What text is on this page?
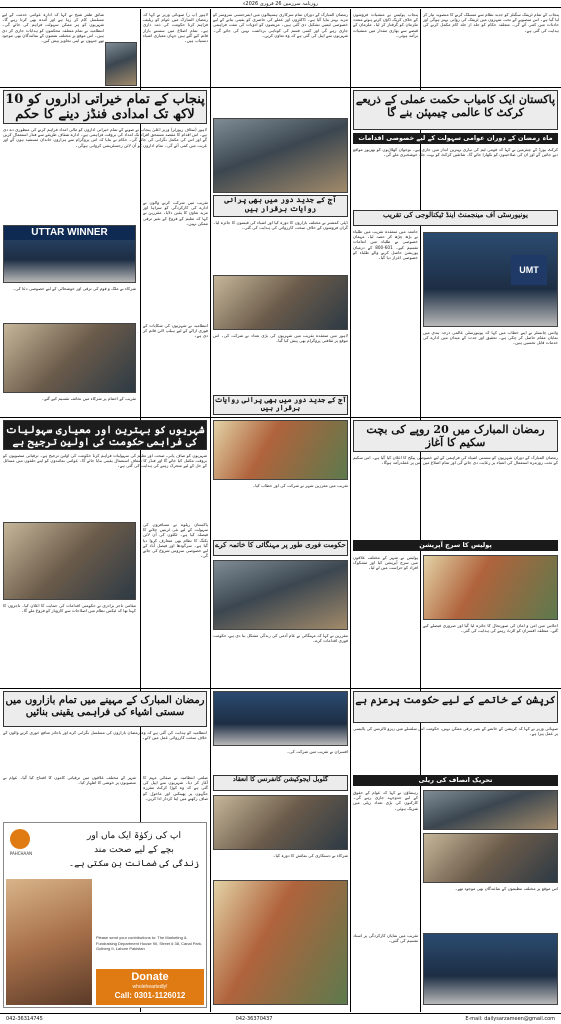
روزنامہ سرزمین 26 فروری 2026ء
شائق ظفر شیخ نے کہا کہ ادارہ عوامی خدمت کے لیے مسلسل کام کر رہا ہے اور آئندہ بھی کرتا رہے گا۔ شہریوں کو ہر ممکن سہولت فراہم کی جائے گی۔ انتظامیہ نے تمام متعلقہ محکموں کو ہدایات جاری کر دی ہیں۔ اس موقع پر مختلف شعبوں کے نمائندگان بھی موجود تھے جنہوں نے اپنی تجاویز پیش کیں۔
لاہور (پ ر) صوبائی وزیر نے کہا کہ رمضان المبارک میں عوام کو ریلیف فراہم کرنا حکومت کی ذمہ داری ہے۔ تمام اضلاع میں سستے بازار قائم کیے گئے ہیں جہاں معیاری اشیاء دستیاب ہیں۔
رمضان المبارک کے دوران تمام سرکاری ہسپتالوں میں ایمرجنسی سروسز کو مزید بہتر بنایا گیا ہے۔ ڈاکٹروں اور عملے کی حاضری کو یقینی بنانے کے لیے خصوصی ٹیمیں تشکیل دی گئی ہیں۔ مریضوں کو ادویات کی مفت فراہمی جاری رہے گی اور کسی قسم کی کوتاہی برداشت نہیں کی جائے گی۔ شہریوں سے اپیل کی گئی ہے کہ وہ تعاون کریں۔
پنجاب پولیس نے منشیات فروشوں کے خلاف کریک ڈاؤن کرتے ہوئے متعدد ملزمان کو گرفتار کر لیا۔ ملزمان کے قبضے سے بھاری مقدار میں منشیات برآمد ہوئی۔
پنجاب کے تمام ٹریفک سگنلز کو جدید نظام سے منسلک کرنے کا منصوبہ تیار کر لیا گیا ہے۔ اس منصوبے کے تحت شہروں میں ٹریفک کی روانی بہتر ہوگی اور حادثات میں کمی آئے گی۔ متعلقہ حکام کو جلد از جلد کام مکمل کرنے کی ہدایت کی گئی ہے۔
پنجاب کے تمام خیراتی اداروں کو 10 لاکھ تک امدادی فنڈز دینے کا حکم
لاہور (سٹاف رپورٹر) وزیر اعلیٰ پنجاب نے صوبے کے تمام خیراتی اداروں کو مالی امداد فراہم کرنے کی منظوری دے دی ہے۔ اس اقدام کا مقصد مستحق افراد تک امداد کی بروقت فراہمی ہے۔ ادارے شفاف طریقے سے فنڈز استعمال کریں گے اور اس کی مکمل نگرانی کی جائے گی۔ حکام نے بتایا کہ اس پروگرام سے ہزاروں خاندان مستفید ہوں گے اور غربت میں کمی آئے گی۔ تمام اداروں کو آن لائن رجسٹریشن کروانی ہوگی۔
UTTAR WINNER
تقریب میں شرکت کرنے والوں نے ادارے کی کارکردگی کو سراہا اور مزید تعاون کا یقین دلایا۔ مقررین نے کہا کہ تعلیم کے فروغ کے بغیر ترقی ممکن نہیں۔
شرکاء نے ملک و قوم کی ترقی اور خوشحالی کے لیے خصوصی دعا کی۔
انتظامیہ نے شہریوں کی شکایات کے فوری ازالے کے لیے ہیلپ لائن قائم کر دی ہے۔
تقریب کے اختتام پر شرکاء میں تحائف تقسیم کیے گئے۔
آج کے جدید دور میں بھی پرانی روایات برقرار ہیں
ڈپٹی کمشنر نے مختلف بازاروں کا دورہ کیا اور اشیاء کی قیمتوں کا جائزہ لیا۔ گراں فروشوں کے خلاف سخت کارروائی کی ہدایت کی گئی۔
لاہور میں منعقدہ تقریب میں شہریوں کی بڑی تعداد نے شرکت کی۔ اس موقع پر ثقافتی پروگرام بھی پیش کیا گیا۔
آج کے جدید دور میں بھی پرانی روایات برقرار ہیں
پاکستان ایک کامیاب حکمت عملی کے ذریعے کرکٹ کا عالمی چیمپئن بنے گا
ماہ رمضان کے دوران عوامی سہولت کے لیے خصوصی اقدامات
کرکٹ بورڈ کے چیئرمین نے کہا کہ قومی ٹیم کی تیاری بہترین انداز میں جاری ہے۔ نوجوان کھلاڑیوں کو بھرپور مواقع دیے جائیں گے اور ان کی صلاحیتوں کو نکھارا جائے گا۔ شائقین کرکٹ کو بہت جلد خوشخبری ملے گی۔
یونیورسٹی آف مینجمنٹ اینڈ ٹیکنالوجی کی تقریب
جامعہ میں منعقدہ تقریب میں طلباء نے بڑھ چڑھ کر حصہ لیا۔ مہمان خصوصی نے طلباء میں انعامات تقسیم کیے۔ 601-800 کے درمیان پوزیشن حاصل کرنے والے طلباء کو خصوصی اعزاز دیا گیا۔
UMT
وائس چانسلر نے اپنے خطاب میں کہا کہ یونیورسٹی عالمی درجہ بندی میں نمایاں مقام حاصل کر چکی ہے۔ تحقیق اور جدت کے میدان میں ادارے کی خدمات قابل تحسین ہیں۔
شہریوں کو بہترین اور معیاری سہولیات کی فراہمی حکومت کی اولین ترجیح ہے
شہریوں کو صاف پانی، صحت اور تعلیم کی سہولیات فراہم کرنا حکومت کی اولین ترجیح ہے۔ ترقیاتی منصوبوں کو بروقت مکمل کیا جائے گا اور فنڈز کا شفاف استعمال یقینی بنایا جائے گا۔ عوامی نمائندوں کو اپنے حلقوں میں مسائل کے حل کے لیے متحرک رہنے کی ہدایت کی گئی ہے۔
تقریب میں معززین شہر نے شرکت کی اور خطاب کیا۔
رمضان المبارک میں 20 روپے کی بچت سکیم کا آغاز
رمضان المبارک کے دوران شہریوں کو سستی اشیاء کی فراہمی کے لیے خصوصی پیکج کا اعلان کیا گیا ہے۔ اس سکیم کے تحت روزمرہ استعمال کی اشیاء پر رعایت دی جائے گی اور تمام اضلاع میں اس پر عملدرآمد ہوگا۔
پاکستان ریلوے نے مسافروں کی سہولت کے لیے نئی ٹرینیں چلانے کا فیصلہ کیا ہے۔ ٹکٹوں کی آن لائن بکنگ کا نظام بھی متعارف کروا دیا گیا ہے۔ سرگودھا اور فیصل آباد کے لیے خصوصی سروس شروع کی جائے گی۔
مقامی تاجر برادری نے حکومتی اقدامات کی حمایت کا اعلان کیا۔ تاجروں کا کہنا تھا کہ ٹیکس نظام میں اصلاحات سے کاروبار کو فروغ ملے گا۔
حکومت فوری طور پر مہنگائی کا خاتمہ کرے
مقررین نے کہا کہ مہنگائی نے عام آدمی کی زندگی مشکل بنا دی ہے، حکومت فوری اقدامات کرے۔
پولیس کا سرچ آپریشن
پولیس نے شہر کے مختلف علاقوں میں سرچ آپریشن کیا اور مشکوک افراد کو حراست میں لے لیا۔
اجلاس میں امن و امان کی صورتحال کا جائزہ لیا گیا اور ضروری فیصلے کیے گئے۔ متعلقہ افسران کو الرٹ رہنے کی ہدایت کی گئی۔
رمضان المبارک کے مہینے میں تمام بازاروں میں سستی اشیاء کی فراہمی یقینی بنائیں
انتظامیہ کو ہدایت کی گئی ہے کہ وہ رمضان بازاروں کی مسلسل نگرانی کرے اور ناجائز منافع خوری کرنے والوں کے خلاف سخت کارروائی عمل میں لائے۔
افسران نے تقریب میں شرکت کی۔
کرپشن کے خاتمے کے لیے حکومت پرعزم ہے
صوبائی وزیر نے کہا کہ کرپشن کے خاتمے کے بغیر ترقی ممکن نہیں، حکومت اس سلسلے میں زیرو ٹالرنس کی پالیسی پر عمل پیرا ہے۔
گلوبل ایجوکیشن کانفرنس کا انعقاد
شرکاء نے دستکاری کی نمائش کا دورہ کیا۔
ضلعی انتظامیہ نے صفائی مہم کا آغاز کر دیا۔ شہریوں سے اپیل کی گئی ہے کہ وہ کوڑا کرکٹ مقررہ جگہوں پر پھینکیں اور ماحول کو صاف رکھنے میں اپنا کردار ادا کریں۔
شہر کے مختلف علاقوں میں ترقیاتی کاموں کا افتتاح کیا گیا۔ عوام نے منصوبوں پر خوشی کا اظہار کیا۔	تحریک انصاف کی ریلی
رہنماؤں نے کہا کہ عوام کے حقوق کے لیے جدوجہد جاری رہے گی۔ کارکنوں کی بڑی تعداد ریلی میں شریک ہوئی۔
اس موقع پر مختلف تنظیموں کے نمائندگان بھی موجود تھے۔
تقریب میں نمایاں کارکردگی پر اسناد تقسیم کی گئیں۔
PAHCHAAN
آپ کی زکوٰۃ ایک ماں اور
بچے کے لیے صحت مند
زندگی کی ضمانت بن سکتی ہے۔
Please send your contributions to: The Marketing & Fundraising Department House 90, Street # 38, Canal Park, Gulberg II, Lahore Pakistan
Donate
wholeheartedly!
Call: 0301-1126012
042-36314745	042-36370437	E-mail: dailysarzameen@gmail.com
